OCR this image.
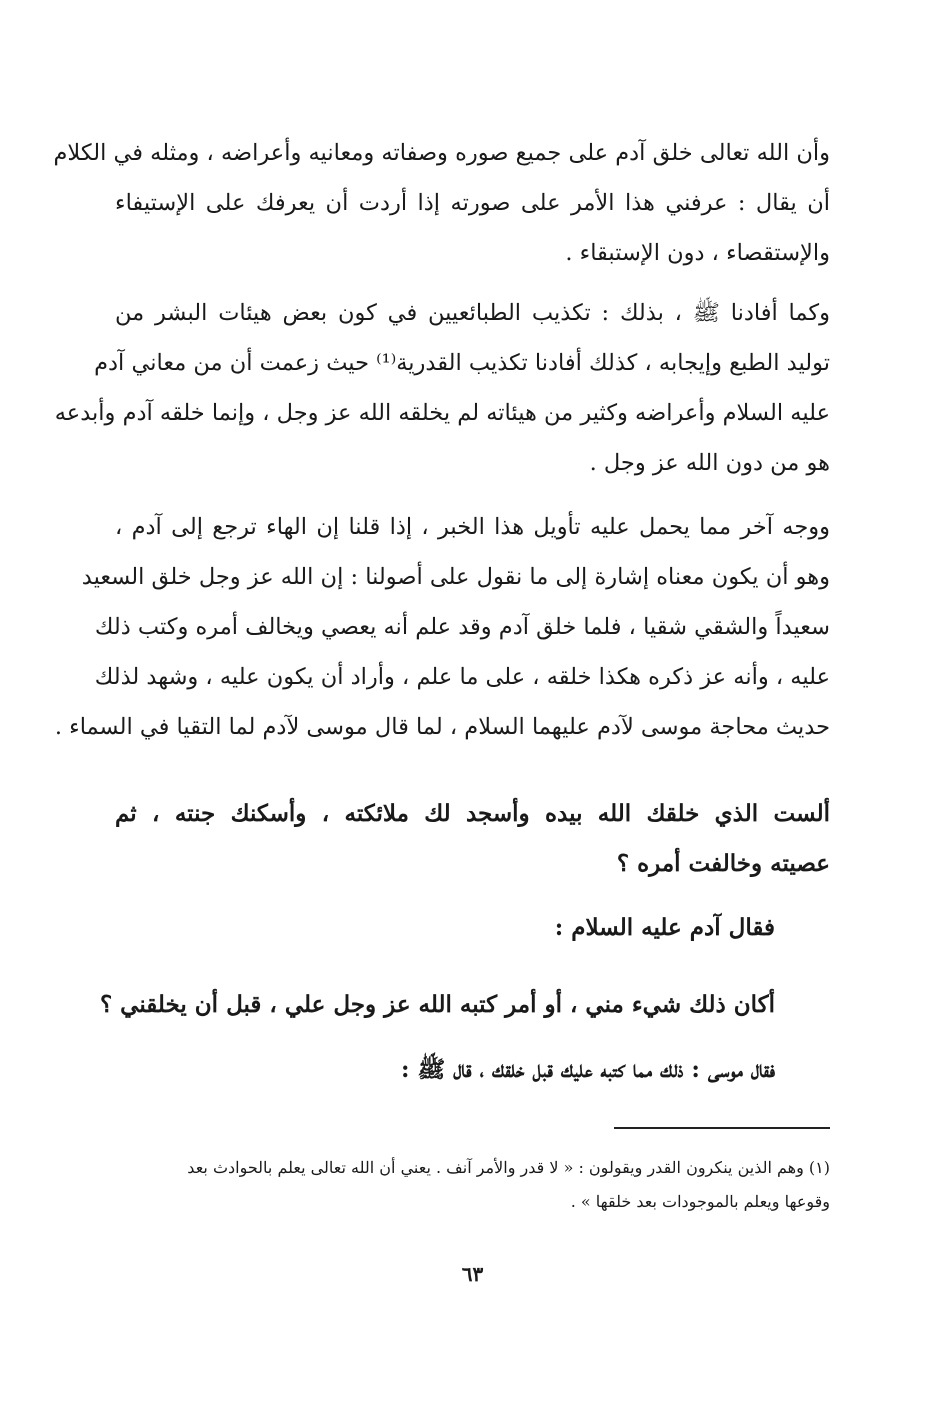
وأن الله تعالى خلق آدم على جميع صوره وصفاته ومعانيه وأعراضه ، ومثله في الكلام
أن يقال : عرفني هذا الأمر على صورته إذا أردت أن يعرفك على الإستيفاء
والإستقصاء ، دون الإستبقاء .
وكما أفادنا ﷺ ، بذلك : تكذيب الطبائعيين في كون بعض هيئات البشر من
توليد الطبع وإيجابه ، كذلك أفادنا تكذيب القدرية⁽¹⁾ حيث زعمت أن من معاني آدم
عليه السلام وأعراضه وكثير من هيئاته لم يخلقه الله عز وجل ، وإنما خلقه آدم وأبدعه
هو من دون الله عز وجل .
ووجه آخر مما يحمل عليه تأويل هذا الخبر ، إذا قلنا إن الهاء ترجع إلى آدم ،
وهو أن يكون معناه إشارة إلى ما نقول على أصولنا : إن الله عز وجل خلق السعيد
سعيداً والشقي شقيا ، فلما خلق آدم وقد علم أنه يعصي ويخالف أمره وكتب ذلك
عليه ، وأنه عز ذكره هكذا خلقه ، على ما علم ، وأراد أن يكون عليه ، وشهد لذلك
حديث محاجة موسى لآدم عليهما السلام ، لما قال موسى لآدم لما التقيا في السماء .
ألست الذي خلقك الله بيده وأسجد لك ملائكته ، وأسكنك جنته ، ثم
عصيته وخالفت أمره ؟
فقال آدم عليه السلام :
أكان ذلك شيء مني ، أو أمر كتبه الله عز وجل علي ، قبل أن يخلقني ؟
فقال موسى : ذلك مما كتبه عليك قبل خلقك ، قال ﷺ :
(١) وهم الذين ينكرون القدر ويقولون : « لا قدر والأمر آنف . يعني أن الله تعالى يعلم بالحوادث بعد
وقوعها ويعلم بالموجودات بعد خلقها » .
٦٣
